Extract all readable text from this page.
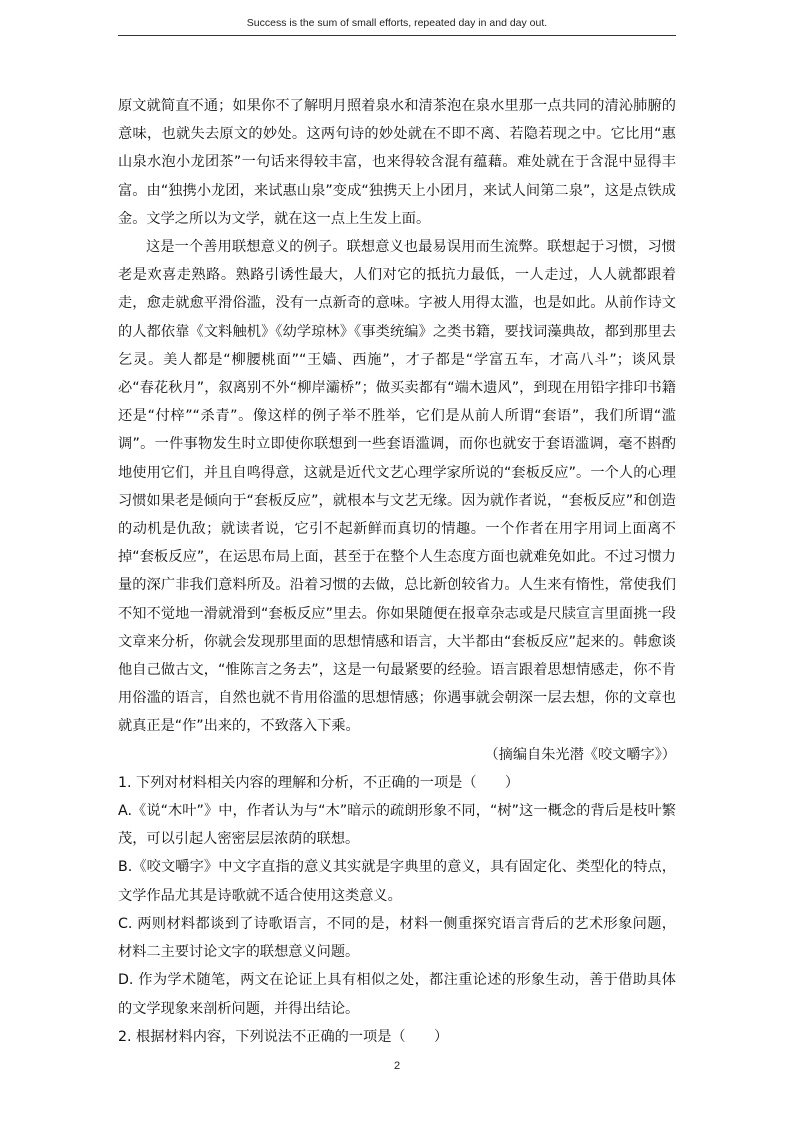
Success is the sum of small efforts, repeated day in and day out.

原文就简直不通；如果你不了解明月照着泉水和清茶泡在泉水里那一点共同的清沁肺腑的意味，也就失去原文的妙处。这两句诗的妙处就在不即不离、若隐若现之中。它比用“惠山泉水泡小龙团茶”一句话来得较丰富，也来得较含混有蕴藉。难处就在于含混中显得丰富。由“独携小龙团，来试惠山泉”变成“独携天上小团月，来试人间第二泉”，这是点铁成金。文学之所以为文学，就在这一点上生发上面。

这是一个善用联想意义的例子。联想意义也最易误用而生流弊。联想起于习惯，习惯老是欢喜走熟路。熟路引诱性最大，人们对它的抵抗力最低，一人走过，人人就都跟着走，愈走就愈平滑俗滥，没有一点新奇的意味。字被人用得太滥，也是如此。从前作诗文的人都依靠《文料触机》《幼学琼林》《事类统编》之类书籍，要找词藻典故，都到那里去乞灵。美人都是“柳腰桃面”“王嫱、西施”，才子都是“学富五车，才高八斗”；谈风景必“春花秋月”，叙离别不外“柳岸灞桥”；做买卖都有“端木遗风”，到现在用铅字排印书籍还是“付梓”“杀青”。像这样的例子举不胜举，它们是从前人所谓“套语”，我们所谓“滥调”。一件事物发生时立即使你联想到一些套语滥调，而你也就安于套语滥调，毫不斟酌地使用它们，并且自鸣得意，这就是近代文艺心理学家所说的“套板反应”。一个人的心理习惯如果老是倾向于“套板反应”，就根本与文艺无缘。因为就作者说，“套板反应”和创造的动机是仇敌；就读者说，它引不起新鲜而真切的情趣。一个作者在用字用词上面离不掉“套板反应”，在运思布局上面，甚至于在整个人生态度方面也就难免如此。不过习惯力量的深广非我们意料所及。沿着习惯的去做，总比新创较省力。人生来有惰性，常使我们不知不觉地一滑就滑到“套板反应”里去。你如果随便在报章杂志或是尺牍宣言里面挑一段文章来分析，你就会发现那里面的思想情感和语言，大半都由“套板反应”起来的。韩愈谈他自己做古文，“惟陈言之务去”，这是一句最紧要的经验。语言跟着思想情感走，你不肯用俗滥的语言，自然也就不肯用俗滥的思想情感；你遇事就会朝深一层去想，你的文章也就真正是“作”出来的，不致落入下乘。

（摘编自朱光潜《咬文嚼字》）

1. 下列对材料相关内容的理解和分析，不正确的一项是（　　）

A.《说“木叶”》中，作者认为与“木”暗示的疏朗形象不同，“树”这一概念的背后是枝叶繁茂，可以引起人密密层层浓荫的联想。

B.《咬文嚼字》中文字直指的意义其实就是字典里的意义，具有固定化、类型化的特点，文学作品尤其是诗歌就不适合使用这类意义。

C. 两则材料都谈到了诗歌语言，不同的是，材料一侧重探究语言背后的艺术形象问题，材料二主要讨论文字的联想意义问题。

D. 作为学术随笔，两文在论证上具有相似之处，都注重论述的形象生动，善于借助具体的文学现象来剖析问题，并得出结论。

2. 根据材料内容，下列说法不正确的一项是（　　）

2
